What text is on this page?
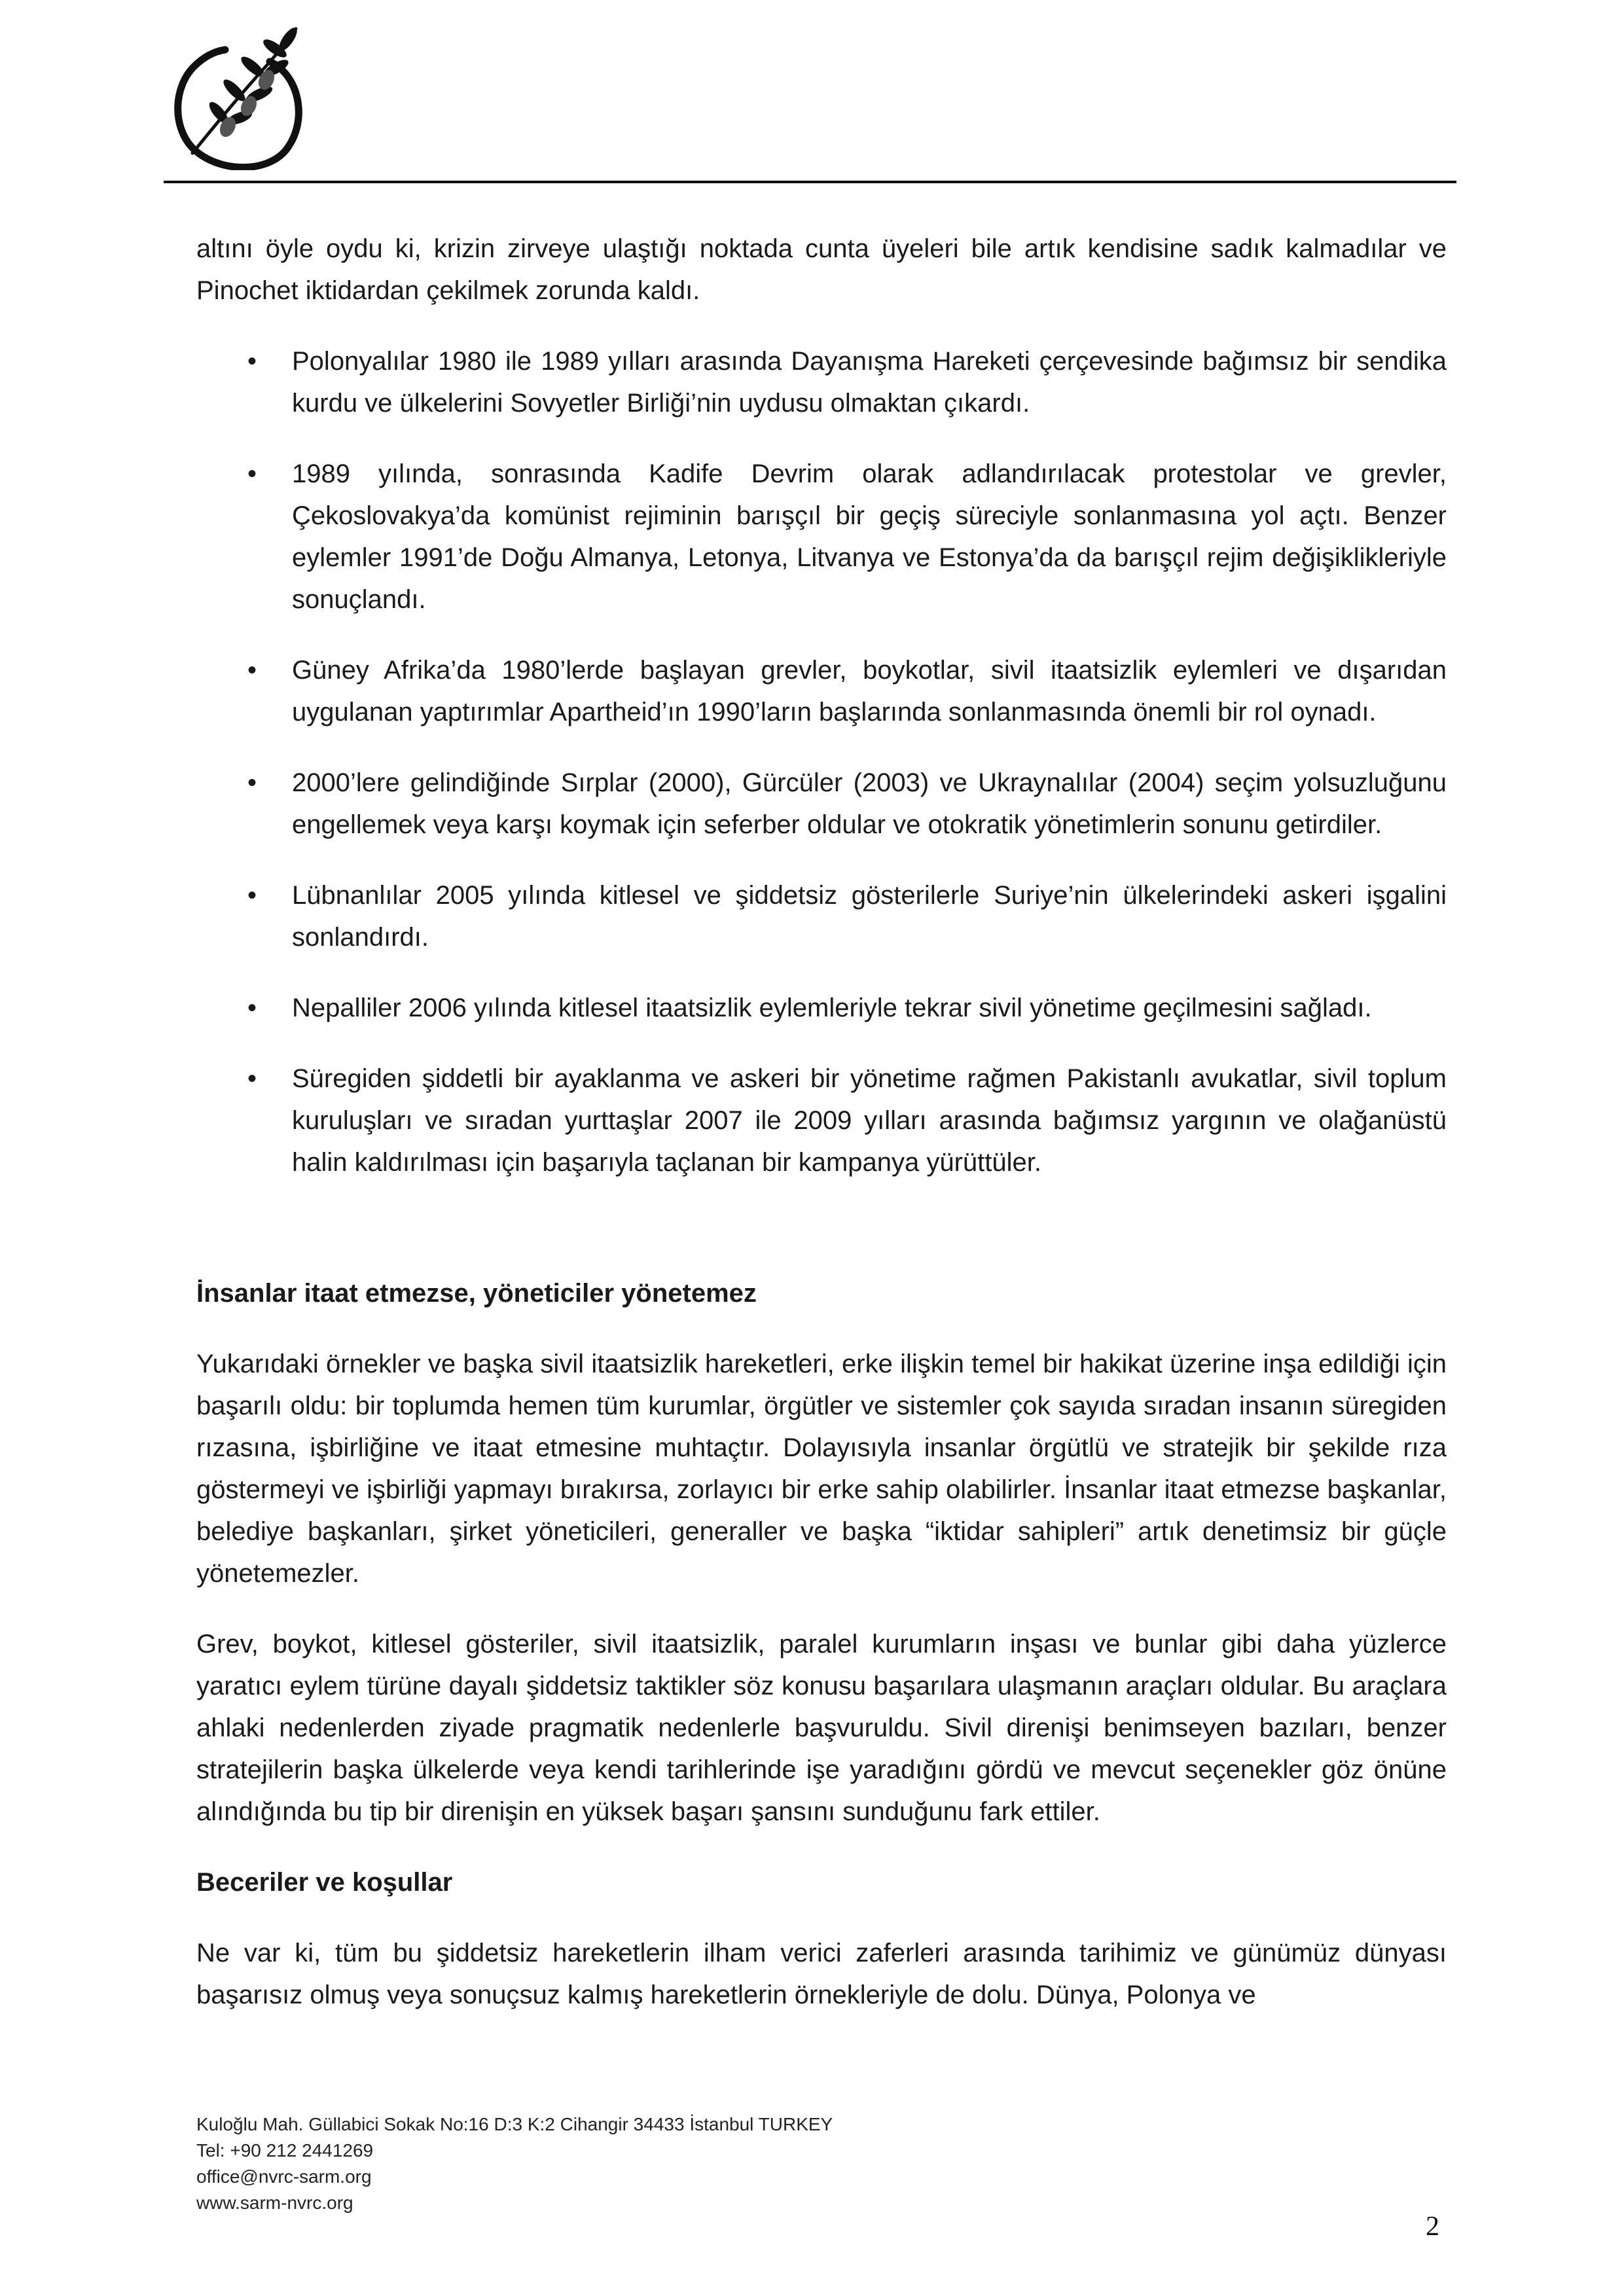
altını öyle oydu ki, krizin zirveye ulaştığı noktada cunta üyeleri bile artık kendisine sadık kalmadılar ve Pinochet iktidardan çekilmek zorunda kaldı.

• Polonyalılar 1980 ile 1989 yılları arasında Dayanışma Hareketi çerçevesinde bağımsız bir sendika kurdu ve ülkelerini Sovyetler Birliği’nin uydusu olmaktan çıkardı.
• 1989 yılında, sonrasında Kadife Devrim olarak adlandırılacak protestolar ve grevler, Çekoslovakya’da komünist rejiminin barışçıl bir geçiş süreciyle sonlanmasına yol açtı. Benzer eylemler 1991’de Doğu Almanya, Letonya, Litvanya ve Estonya’da da barışçıl rejim değişiklikleriyle sonuçlandı.
• Güney Afrika’da 1980’lerde başlayan grevler, boykotlar, sivil itaatsizlik eylemleri ve dışarıdan uygulanan yaptırımlar Apartheid’ın 1990’ların başlarında sonlanmasında önemli bir rol oynadı.
• 2000’lere gelindiğinde Sırplar (2000), Gürcüler (2003) ve Ukraynalılar (2004) seçim yolsuzluğunu engellemek veya karşı koymak için seferber oldular ve otokratik yönetimlerin sonunu getirdiler.
• Lübnanlılar 2005 yılında kitlesel ve şiddetsiz gösterilerle Suriye’nin ülkelerindeki askeri işgalini sonlandırdı.
• Nepalliler 2006 yılında kitlesel itaatsizlik eylemleriyle tekrar sivil yönetime geçilmesini sağladı.
• Süregiden şiddetli bir ayaklanma ve askeri bir yönetime rağmen Pakistanlı avukatlar, sivil toplum kuruluşları ve sıradan yurttaşlar 2007 ile 2009 yılları arasında bağımsız yargının ve olağanüstü halin kaldırılması için başarıyla taçlanan bir kampanya yürüttüler.
İnsanlar itaat etmezse, yöneticiler yönetemez

Yukarıdaki örnekler ve başka sivil itaatsizlik hareketleri, erke ilişkin temel bir hakikat üzerine inşa edildiği için başarılı oldu: bir toplumda hemen tüm kurumlar, örgütler ve sistemler çok sayıda sıradan insanın süregiden rızasına, işbirliğine ve itaat etmesine muhtaçtır. Dolayısıyla insanlar örgütlü ve stratejik bir şekilde rıza göstermeyi ve işbirliği yapmayı bırakırsa, zorlayıcı bir erke sahip olabilirler. İnsanlar itaat etmezse başkanlar, belediye başkanları, şirket yöneticileri, generaller ve başka “iktidar sahipleri” artık denetimsiz bir güçle yönetemezler.

Grev, boykot, kitlesel gösteriler, sivil itaatsizlik, paralel kurumların inşası ve bunlar gibi daha yüzlerce yaratıcı eylem türüne dayalı şiddetsiz taktikler söz konusu başarılara ulaşmanın araçları oldular. Bu araçlara ahlaki nedenlerden ziyade pragmatik nedenlerle başvuruldu. Sivil direnişi benimseyen bazıları, benzer stratejilerin başka ülkelerde veya kendi tarihlerinde işe yaradığını gördü ve mevcut seçenekler göz önüne alındığında bu tip bir direnişin en yüksek başarı şansını sunduğunu fark ettiler.

Beceriler ve koşullar

Ne var ki, tüm bu şiddetsiz hareketlerin ilham verici zaferleri arasında tarihimiz ve günümüz dünyası başarısız olmuş veya sonuçsuz kalmış hareketlerin örnekleriyle de dolu. Dünya, Polonya ve

Kuloğlu Mah. Güllabici Sokak No:16 D:3 K:2 Cihangir 34433 İstanbul TURKEY
Tel: +90 212 2441269
office@nvrc-sarm.org
www.sarm-nvrc.org
2
